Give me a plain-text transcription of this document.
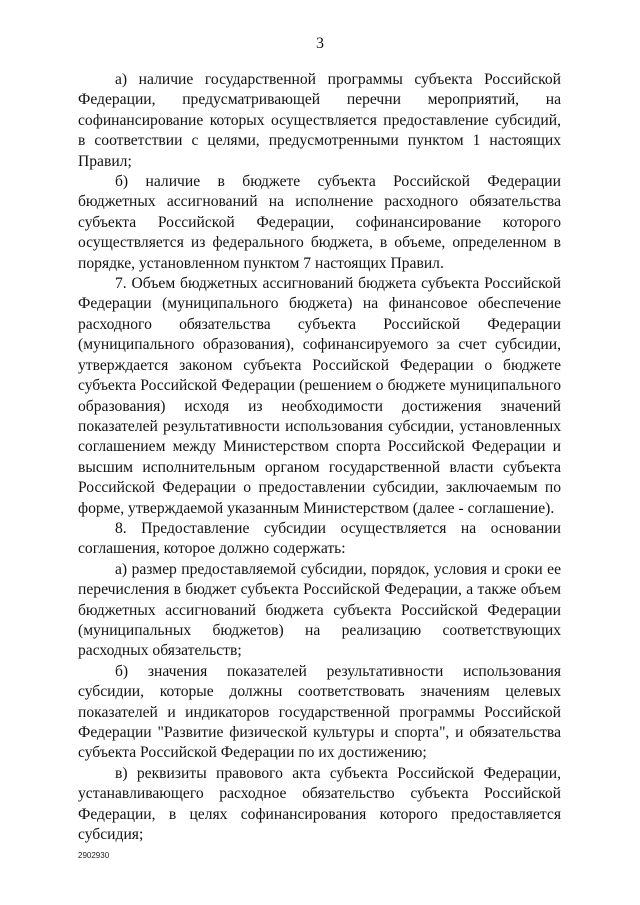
3

а) наличие государственной программы субъекта Российской Федерации, предусматривающей перечни мероприятий, на софинансирование которых осуществляется предоставление субсидий, в соответствии с целями, предусмотренными пунктом 1 настоящих Правил;

б) наличие в бюджете субъекта Российской Федерации бюджетных ассигнований на исполнение расходного обязательства субъекта Российской Федерации, софинансирование которого осуществляется из федерального бюджета, в объеме, определенном в порядке, установленном пунктом 7 настоящих Правил.

7. Объем бюджетных ассигнований бюджета субъекта Российской Федерации (муниципального бюджета) на финансовое обеспечение расходного обязательства субъекта Российской Федерации (муниципального образования), софинансируемого за счет субсидии, утверждается законом субъекта Российской Федерации о бюджете субъекта Российской Федерации (решением о бюджете муниципального образования) исходя из необходимости достижения значений показателей результативности использования субсидии, установленных соглашением между Министерством спорта Российской Федерации и высшим исполнительным органом государственной власти субъекта Российской Федерации о предоставлении субсидии, заключаемым по форме, утверждаемой указанным Министерством (далее - соглашение).

8. Предоставление субсидии осуществляется на основании соглашения, которое должно содержать:

а) размер предоставляемой субсидии, порядок, условия и сроки ее перечисления в бюджет субъекта Российской Федерации, а также объем бюджетных ассигнований бюджета субъекта Российской Федерации (муниципальных бюджетов) на реализацию соответствующих расходных обязательств;

б) значения показателей результативности использования субсидии, которые должны соответствовать значениям целевых показателей и индикаторов государственной программы Российской Федерации "Развитие физической культуры и спорта", и обязательства субъекта Российской Федерации по их достижению;

в) реквизиты правового акта субъекта Российской Федерации, устанавливающего расходное обязательство субъекта Российской Федерации, в целях софинансирования которого предоставляется субсидия;

2902930
